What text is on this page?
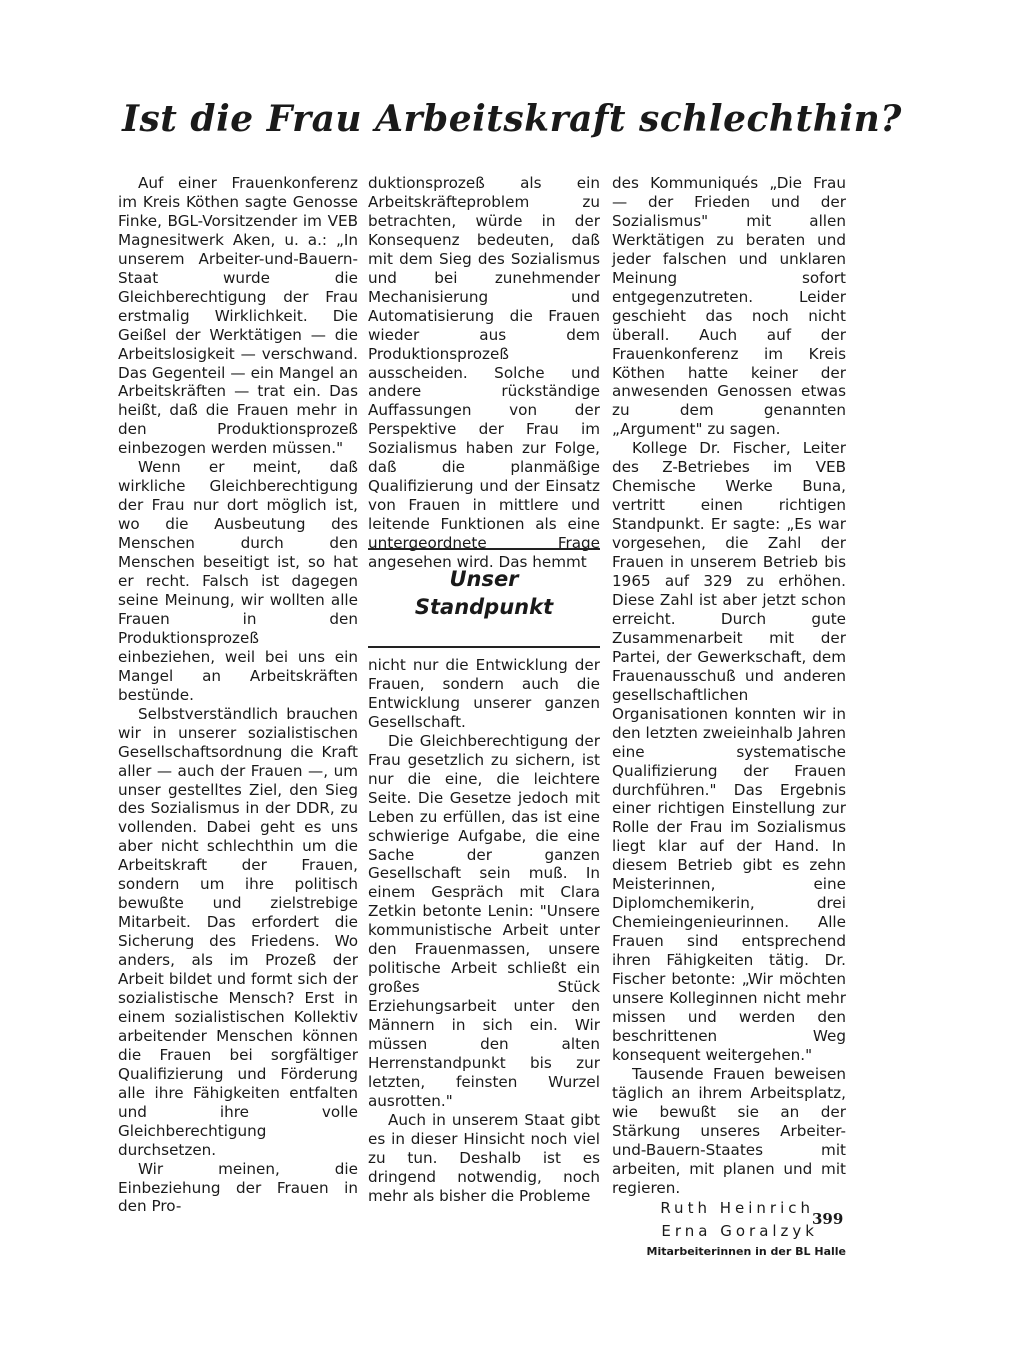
Ist die Frau Arbeitskraft schlechthin?

Auf einer Frauenkonferenz im Kreis Köthen sagte Genosse Finke, BGL-Vorsitzender im VEB Magnesitwerk Aken, u. a.: „In unserem Arbeiter-und-Bauern-Staat wurde die Gleichberechtigung der Frau erstmalig Wirklichkeit. Die Geißel der Werktätigen — die Arbeitslosigkeit — verschwand. Das Gegenteil — ein Mangel an Arbeitskräften — trat ein. Das heißt, daß die Frauen mehr in den Produktionsprozeß einbezogen werden müssen."

Wenn er meint, daß wirkliche Gleichberechtigung der Frau nur dort möglich ist, wo die Ausbeutung des Menschen durch den Menschen beseitigt ist, so hat er recht. Falsch ist dagegen seine Meinung, wir wollten alle Frauen in den Produktionsprozeß einbeziehen, weil bei uns ein Mangel an Arbeitskräften bestünde.

Selbstverständlich brauchen wir in unserer sozialistischen Gesellschaftsordnung die Kraft aller — auch der Frauen —, um unser gestelltes Ziel, den Sieg des Sozialismus in der DDR, zu vollenden. Dabei geht es uns aber nicht schlechthin um die Arbeitskraft der Frauen, sondern um ihre politisch bewußte und zielstrebige Mitarbeit. Das erfordert die Sicherung des Friedens. Wo anders, als im Prozeß der Arbeit bildet und formt sich der sozialistische Mensch? Erst in einem sozialistischen Kollektiv arbeitender Menschen können die Frauen bei sorgfältiger Qualifizierung und Förderung alle ihre Fähigkeiten entfalten und ihre volle Gleichberechtigung durchsetzen.

Wir meinen, die Einbeziehung der Frauen in den Pro-

duktionsprozeß als ein Arbeitskräfteproblem zu betrachten, würde in der Konsequenz bedeuten, daß mit dem Sieg des Sozialismus und bei zunehmender Mechanisierung und Automatisierung die Frauen wieder aus dem Produktionsprozeß ausscheiden. Solche und andere rückständige Auffassungen von der Perspektive der Frau im Sozialismus haben zur Folge, daß die planmäßige Qualifizierung und der Einsatz von Frauen in mittlere und leitende Funktionen als eine untergeordnete Frage angesehen wird. Das hemmt

Unser
Standpunkt

nicht nur die Entwicklung der Frauen, sondern auch die Entwicklung unserer ganzen Gesellschaft.

Die Gleichberechtigung der Frau gesetzlich zu sichern, ist nur die eine, die leichtere Seite. Die Gesetze jedoch mit Leben zu erfüllen, das ist eine schwierige Aufgabe, die eine Sache der ganzen Gesellschaft sein muß. In einem Gespräch mit Clara Zetkin betonte Lenin: "Unsere kommunistische Arbeit unter den Frauenmassen, unsere politische Arbeit schließt ein großes Stück Erziehungsarbeit unter den Männern in sich ein. Wir müssen den alten Herrenstandpunkt bis zur letzten, feinsten Wurzel ausrotten."

Auch in unserem Staat gibt es in dieser Hinsicht noch viel zu tun. Deshalb ist es dringend notwendig, noch mehr als bisher die Probleme

des Kommuniqués „Die Frau — der Frieden und der Sozialismus" mit allen Werktätigen zu beraten und jeder falschen und unklaren Meinung sofort entgegenzutreten. Leider geschieht das noch nicht überall. Auch auf der Frauenkonferenz im Kreis Köthen hatte keiner der anwesenden Genossen etwas zu dem genannten „Argument" zu sagen.

Kollege Dr. Fischer, Leiter des Z-Betriebes im VEB Chemische Werke Buna, vertritt einen richtigen Standpunkt. Er sagte: „Es war vorgesehen, die Zahl der Frauen in unserem Betrieb bis 1965 auf 329 zu erhöhen. Diese Zahl ist aber jetzt schon erreicht. Durch gute Zusammenarbeit mit der Partei, der Gewerkschaft, dem Frauenausschuß und anderen gesellschaftlichen Organisationen konnten wir in den letzten zweieinhalb Jahren eine systematische Qualifizierung der Frauen durchführen." Das Ergebnis einer richtigen Einstellung zur Rolle der Frau im Sozialismus liegt klar auf der Hand. In diesem Betrieb gibt es zehn Meisterinnen, eine Diplomchemikerin, drei Chemieingenieurinnen. Alle Frauen sind entsprechend ihren Fähigkeiten tätig. Dr. Fischer betonte: „Wir möchten unsere Kolleginnen nicht mehr missen und werden den beschrittenen Weg konsequent weitergehen."

Tausende Frauen beweisen täglich an ihrem Arbeitsplatz, wie bewußt sie an der Stärkung unseres Arbeiter-und-Bauern-Staates mit arbeiten, mit planen und mit regieren.

Ruth Heinrich

Erna Goralzyk

Mitarbeiterinnen in der BL Halle

399
